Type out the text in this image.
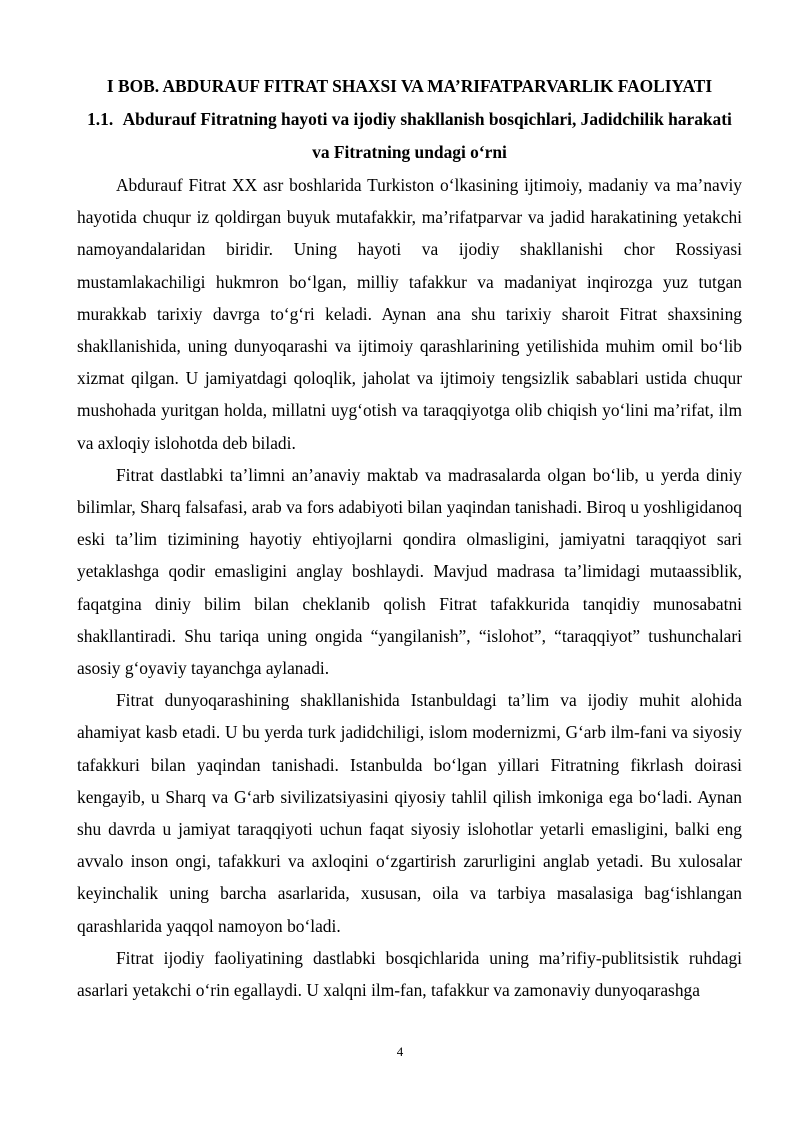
I BOB. ABDURAUF FITRAT SHAXSI VA MA’RIFATPARVARLIK FAOLIYATI
1.1. Abdurauf Fitratning hayoti va ijodiy shakllanish bosqichlari, Jadidchilik harakati va Fitratning undagi oʻrni

Abdurauf Fitrat XX asr boshlarida Turkiston oʻlkasining ijtimoiy, madaniy va ma’naviy hayotida chuqur iz qoldirgan buyuk mutafakkir, ma’rifatparvar va jadid harakatining yetakchi namoyandalaridan biridir. Uning hayoti va ijodiy shakllanishi chor Rossiyasi mustamlakachiligi hukmron boʻlgan, milliy tafakkur va madaniyat inqirozga yuz tutgan murakkab tarixiy davrga toʻgʻri keladi. Aynan ana shu tarixiy sharoit Fitrat shaxsining shakllanishida, uning dunyoqarashi va ijtimoiy qarashlarining yetilishida muhim omil boʻlib xizmat qilgan. U jamiyatdagi qoloqlik, jaholat va ijtimoiy tengsizlik sabablari ustida chuqur mushohada yuritgan holda, millatni uygʻotish va taraqqiyotga olib chiqish yoʻlini ma’rifat, ilm va axloqiy islohotda deb biladi.

Fitrat dastlabki ta’limni an’anaviy maktab va madrasalarda olgan boʻlib, u yerda diniy bilimlar, Sharq falsafasi, arab va fors adabiyoti bilan yaqindan tanishadi. Biroq u yoshligidanoq eski ta’lim tizimining hayotiy ehtiyojlarni qondira olmasligini, jamiyatni taraqqiyot sari yetaklashga qodir emasligini anglay boshlaydi. Mavjud madrasa ta’limidagi mutaassiblik, faqatgina diniy bilim bilan cheklanib qolish Fitrat tafakkurida tanqidiy munosabatni shakllantiradi. Shu tariqa uning ongida “yangilanish”, “islohot”, “taraqqiyot” tushunchalari asosiy gʻoyaviy tayanchga aylanadi.

Fitrat dunyoqarashining shakllanishida Istanbuldagi ta’lim va ijodiy muhit alohida ahamiyat kasb etadi. U bu yerda turk jadidchiligi, islom modernizmi, Gʻarb ilm-fani va siyosiy tafakkuri bilan yaqindan tanishadi. Istanbulda boʻlgan yillari Fitratning fikrlash doirasi kengayib, u Sharq va Gʻarb sivilizatsiyasini qiyosiy tahlil qilish imkoniga ega boʻladi. Aynan shu davrda u jamiyat taraqqiyoti uchun faqat siyosiy islohotlar yetarli emasligini, balki eng avvalo inson ongi, tafakkuri va axloqini oʻzgartirish zarurligini anglab yetadi. Bu xulosalar keyinchalik uning barcha asarlarida, xususan, oila va tarbiya masalasiga bagʻishlangan qarashlarida yaqqol namoyon boʻladi.

Fitrat ijodiy faoliyatining dastlabki bosqichlarida uning ma’rifiy-publitsistik ruhdagi asarlari yetakchi oʻrin egallaydi. U xalqni ilm-fan, tafakkur va zamonaviy dunyoqarashga

4
